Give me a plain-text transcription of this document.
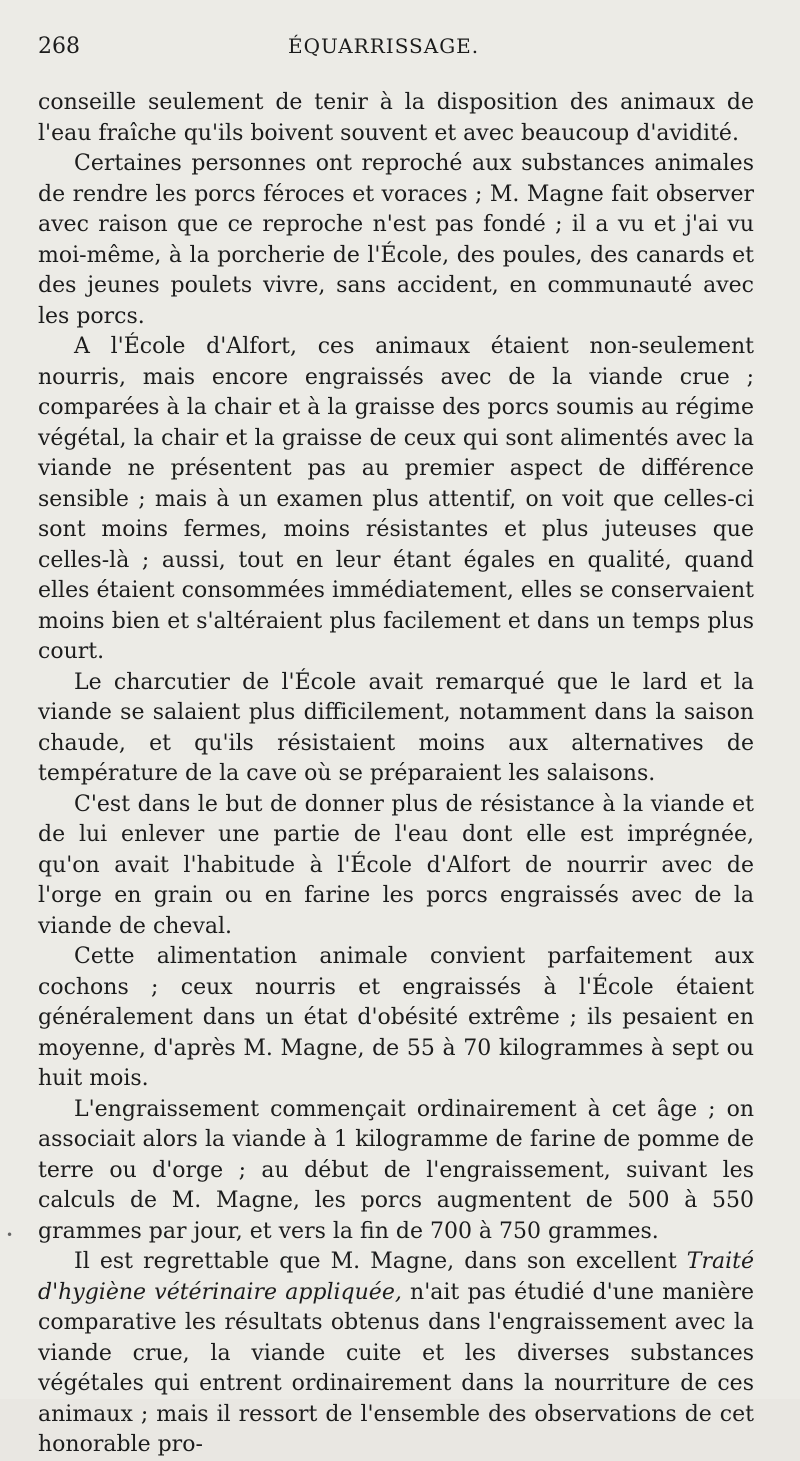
268	ÉQUARRISSAGE.

conseille seulement de tenir à la disposition des animaux de l'eau fraîche qu'ils boivent souvent et avec beaucoup d'avidité.

Certaines personnes ont reproché aux substances animales de rendre les porcs féroces et voraces ; M. Magne fait observer avec raison que ce reproche n'est pas fondé ; il a vu et j'ai vu moi-même, à la porcherie de l'École, des poules, des canards et des jeunes poulets vivre, sans accident, en communauté avec les porcs.

A l'École d'Alfort, ces animaux étaient non-seulement nourris, mais encore engraissés avec de la viande crue ; comparées à la chair et à la graisse des porcs soumis au régime végétal, la chair et la graisse de ceux qui sont alimentés avec la viande ne présentent pas au premier aspect de différence sensible ; mais à un examen plus attentif, on voit que celles-ci sont moins fermes, moins résistantes et plus juteuses que celles-là ; aussi, tout en leur étant égales en qualité, quand elles étaient consommées immédiatement, elles se conservaient moins bien et s'altéraient plus facilement et dans un temps plus court.

Le charcutier de l'École avait remarqué que le lard et la viande se salaient plus difficilement, notamment dans la saison chaude, et qu'ils résistaient moins aux alternatives de température de la cave où se préparaient les salaisons.

C'est dans le but de donner plus de résistance à la viande et de lui enlever une partie de l'eau dont elle est imprégnée, qu'on avait l'habitude à l'École d'Alfort de nourrir avec de l'orge en grain ou en farine les porcs engraissés avec de la viande de cheval.

Cette alimentation animale convient parfaitement aux cochons ; ceux nourris et engraissés à l'École étaient généralement dans un état d'obésité extrême ; ils pesaient en moyenne, d'après M. Magne, de 55 à 70 kilogrammes à sept ou huit mois.

L'engraissement commençait ordinairement à cet âge ; on associait alors la viande à 1 kilogramme de farine de pomme de terre ou d'orge ; au début de l'engraissement, suivant les calculs de M. Magne, les porcs augmentent de 500 à 550 grammes par jour, et vers la fin de 700 à 750 grammes.

Il est regrettable que M. Magne, dans son excellent Traité d'hygiène vétérinaire appliquée, n'ait pas étudié d'une manière comparative les résultats obtenus dans l'engraissement avec la viande crue, la viande cuite et les diverses substances végétales qui entrent ordinairement dans la nourriture de ces animaux ; mais il ressort de l'ensemble des observations de cet honorable pro-

•
